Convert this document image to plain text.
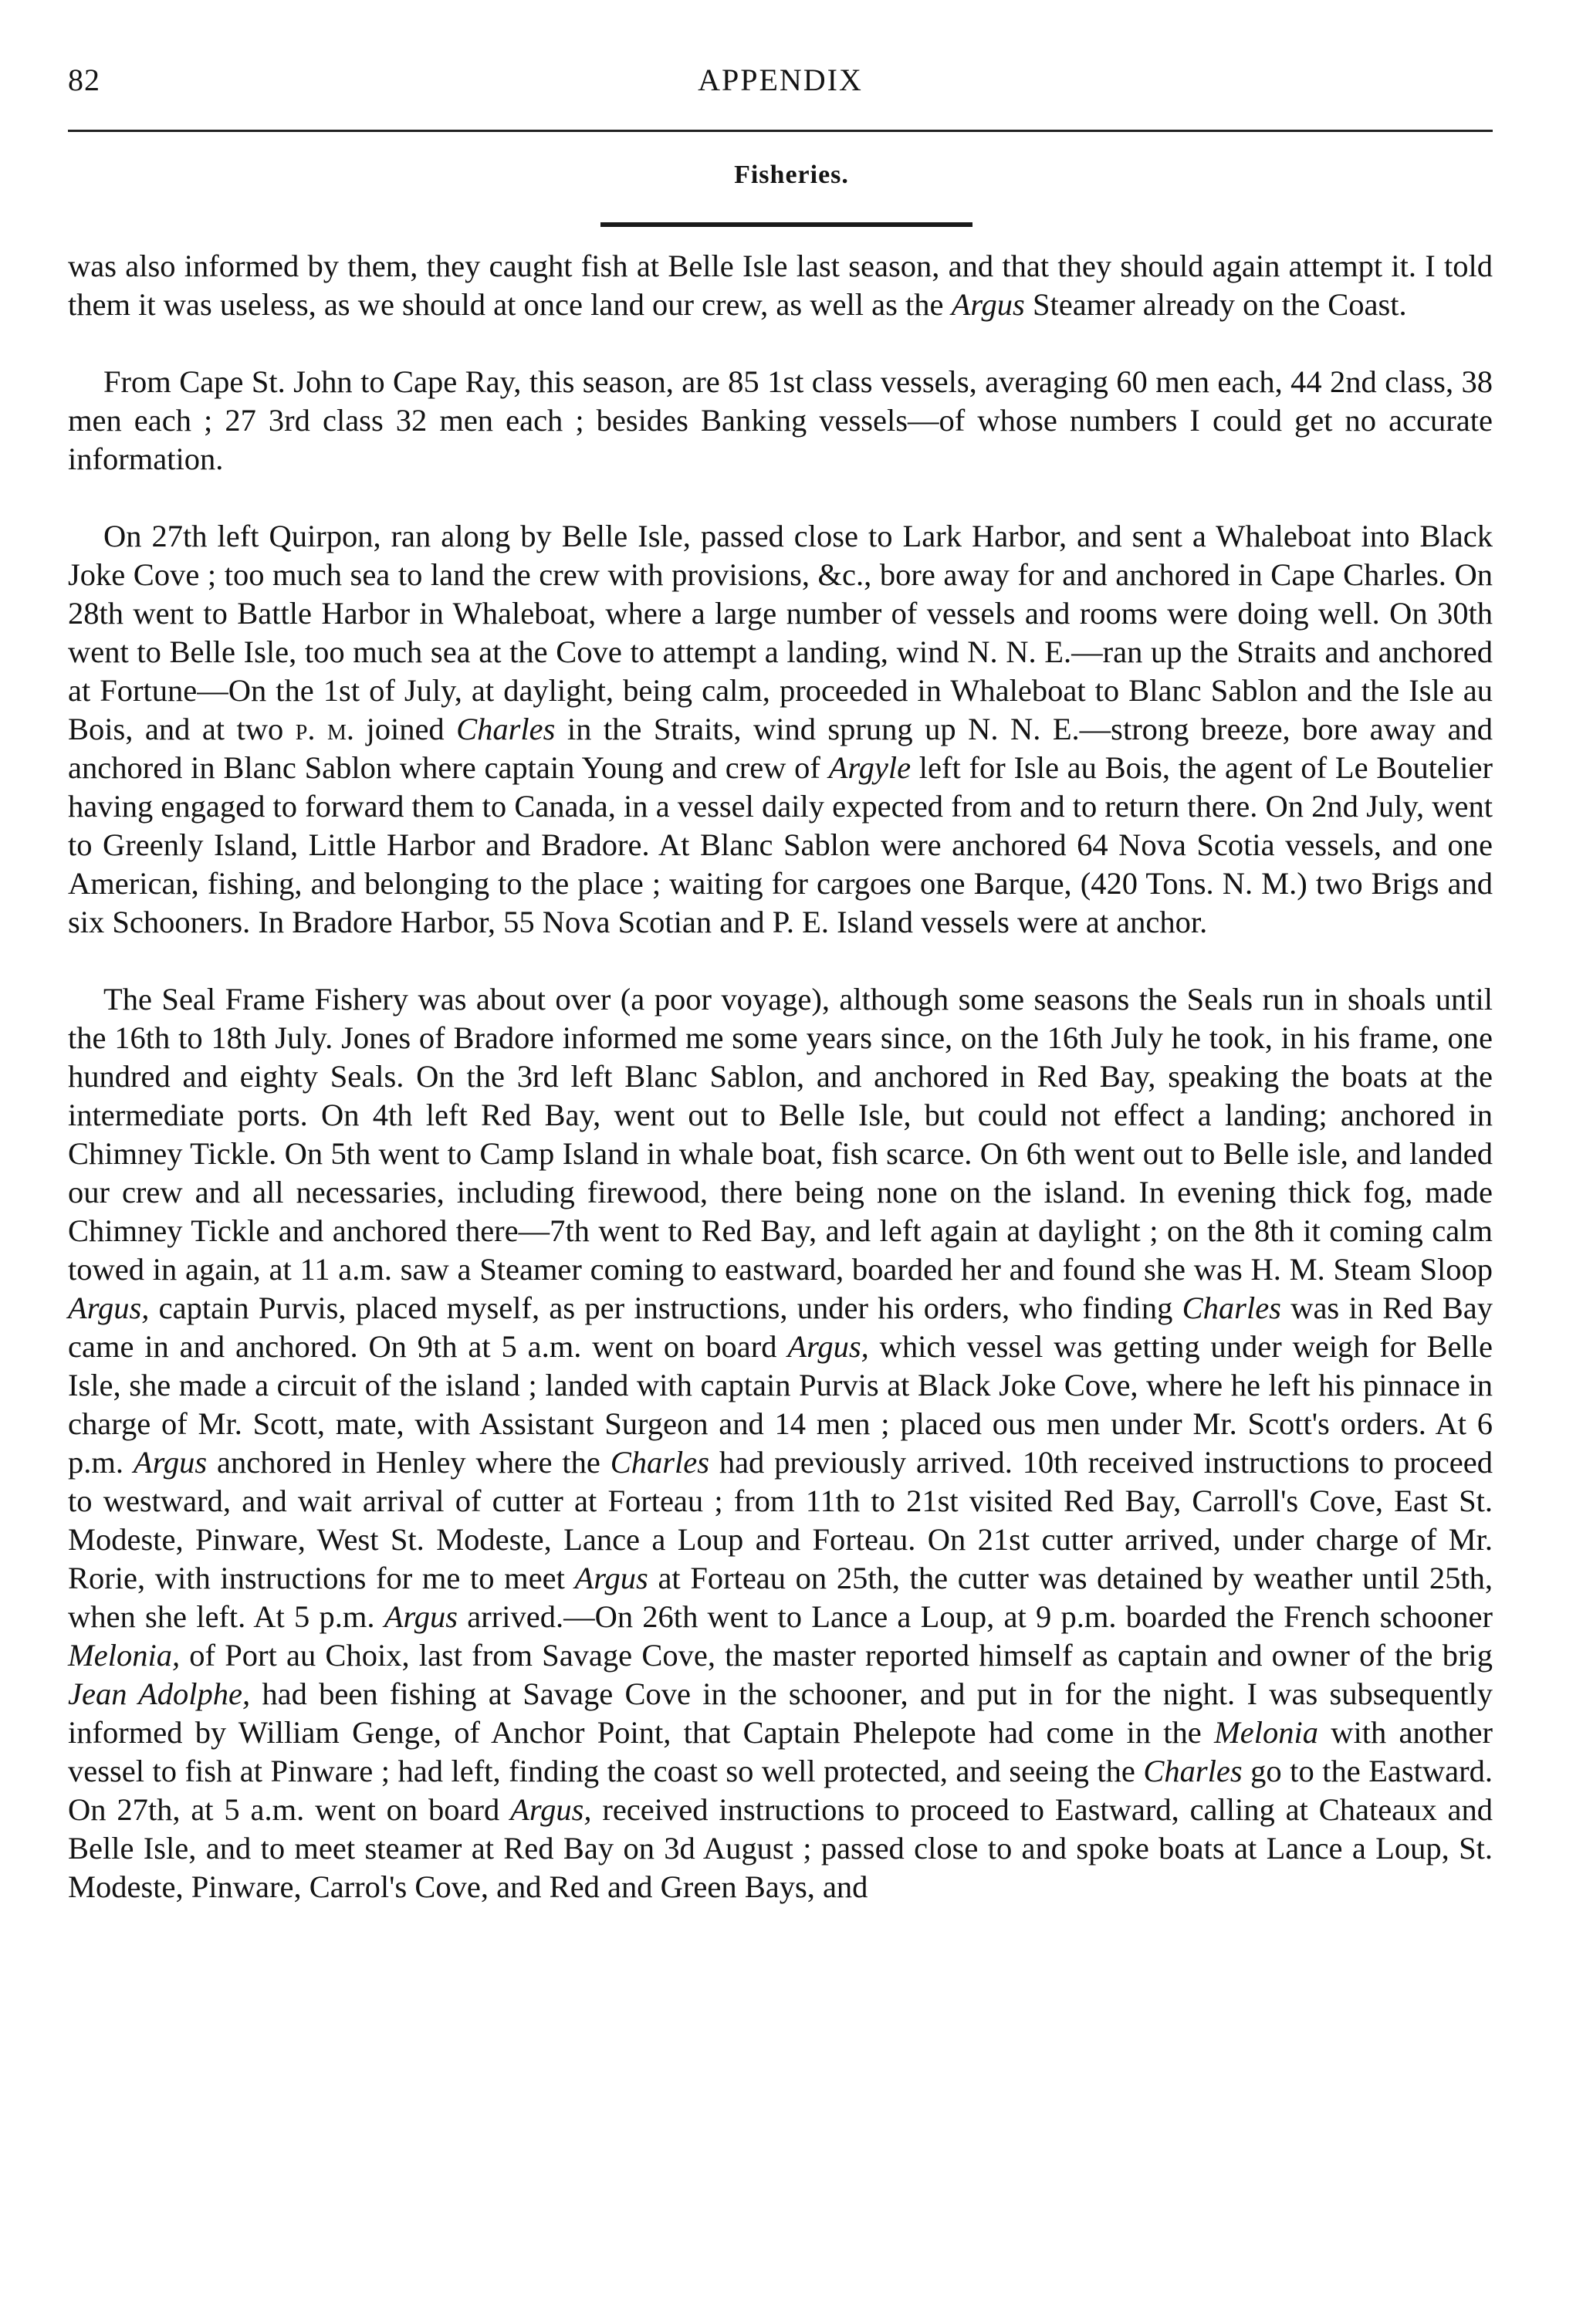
82	APPENDIX
Fisheries.

was also informed by them, they caught fish at Belle Isle last season, and that they should again attempt it. I told them it was useless, as we should at once land our crew, as well as the Argus Steamer already on the Coast.

From Cape St. John to Cape Ray, this season, are 85 1st class vessels, averaging 60 men each, 44 2nd class, 38 men each ; 27 3rd class 32 men each ; besides Banking vessels—of whose numbers I could get no accurate information.

On 27th left Quirpon, ran along by Belle Isle, passed close to Lark Harbor, and sent a Whaleboat into Black Joke Cove ; too much sea to land the crew with provisions, &c., bore away for and anchored in Cape Charles. On 28th went to Battle Harbor in Whaleboat, where a large number of vessels and rooms were doing well. On 30th went to Belle Isle, too much sea at the Cove to attempt a landing, wind N. N. E.—ran up the Straits and anchored at Fortune—On the 1st of July, at daylight, being calm, proceeded in Whaleboat to Blanc Sablon and the Isle au Bois, and at two p. m. joined Charles in the Straits, wind sprung up N. N. E.—strong breeze, bore away and anchored in Blanc Sablon where captain Young and crew of Argyle left for Isle au Bois, the agent of Le Boutelier having engaged to forward them to Canada, in a vessel daily expected from and to return there. On 2nd July, went to Greenly Island, Little Harbor and Bradore. At Blanc Sablon were anchored 64 Nova Scotia vessels, and one American, fishing, and belonging to the place ; waiting for cargoes one Barque, (420 Tons. N. M.) two Brigs and six Schooners. In Bradore Harbor, 55 Nova Scotian and P. E. Island vessels were at anchor.

The Seal Frame Fishery was about over (a poor voyage), although some seasons the Seals run in shoals until the 16th to 18th July. Jones of Bradore informed me some years since, on the 16th July he took, in his frame, one hundred and eighty Seals. On the 3rd left Blanc Sablon, and anchored in Red Bay, speaking the boats at the intermediate ports. On 4th left Red Bay, went out to Belle Isle, but could not effect a landing; anchored in Chimney Tickle. On 5th went to Camp Island in whale boat, fish scarce. On 6th went out to Belle isle, and landed our crew and all necessaries, including firewood, there being none on the island. In evening thick fog, made Chimney Tickle and anchored there—7th went to Red Bay, and left again at daylight ; on the 8th it coming calm towed in again, at 11 a.m. saw a Steamer coming to eastward, boarded her and found she was H. M. Steam Sloop Argus, captain Purvis, placed myself, as per instructions, under his orders, who finding Charles was in Red Bay came in and anchored. On 9th at 5 a.m. went on board Argus, which vessel was getting under weigh for Belle Isle, she made a circuit of the island ; landed with captain Purvis at Black Joke Cove, where he left his pinnace in charge of Mr. Scott, mate, with Assistant Surgeon and 14 men ; placed ous men under Mr. Scott's orders. At 6 p.m. Argus anchored in Henley where the Charles had previously arrived. 10th received instructions to proceed to westward, and wait arrival of cutter at Forteau ; from 11th to 21st visited Red Bay, Carroll's Cove, East St. Modeste, Pinware, West St. Modeste, Lance a Loup and Forteau. On 21st cutter arrived, under charge of Mr. Rorie, with instructions for me to meet Argus at Forteau on 25th, the cutter was detained by weather until 25th, when she left. At 5 p.m. Argus arrived.—On 26th went to Lance a Loup, at 9 p.m. boarded the French schooner Melonia, of Port au Choix, last from Savage Cove, the master reported himself as captain and owner of the brig Jean Adolphe, had been fishing at Savage Cove in the schooner, and put in for the night. I was subsequently informed by William Genge, of Anchor Point, that Captain Phelepote had come in the Melonia with another vessel to fish at Pinware ; had left, finding the coast so well protected, and seeing the Charles go to the Eastward. On 27th, at 5 a.m. went on board Argus, received instructions to proceed to Eastward, calling at Chateaux and Belle Isle, and to meet steamer at Red Bay on 3d August ; passed close to and spoke boats at Lance a Loup, St. Modeste, Pinware, Carrol's Cove, and Red and Green Bays, and
